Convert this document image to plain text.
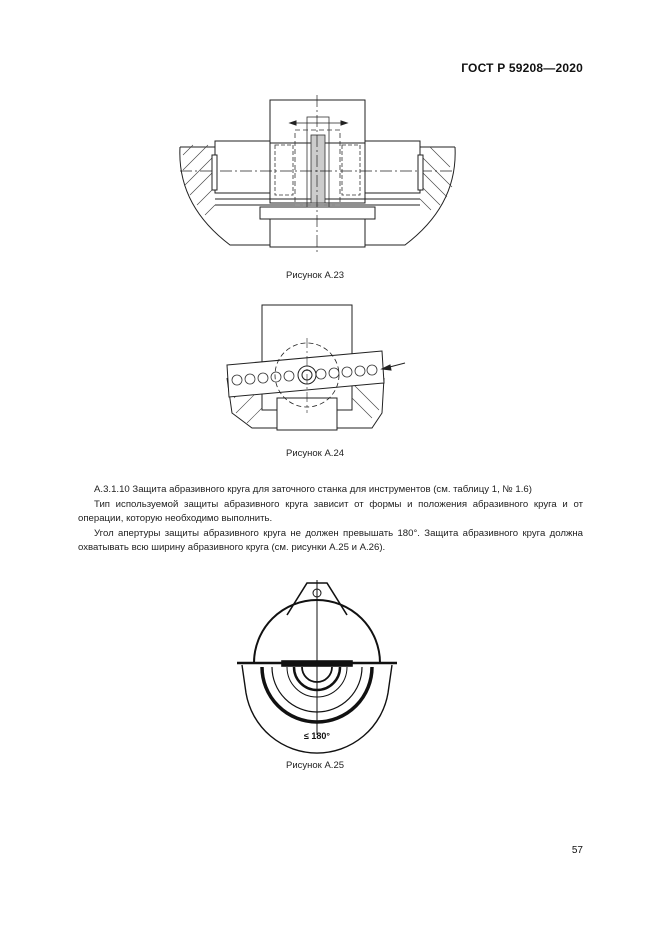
ГОСТ Р 59208—2020
Рисунок А.23
Рисунок А.24

А.3.1.10 Защита абразивного круга для заточного станка для инструментов (см. таблицу 1, № 1.6)

Тип используемой защиты абразивного круга зависит от формы и положения абразивного круга и от операции, которую необходимо выполнить.

Угол апертуры защиты абразивного круга не должен превышать 180°. Защита абразивного круга должна охватывать всю ширину абразивного круга (см. рисунки А.25 и А.26).

≤ 180°
Рисунок А.25
57
